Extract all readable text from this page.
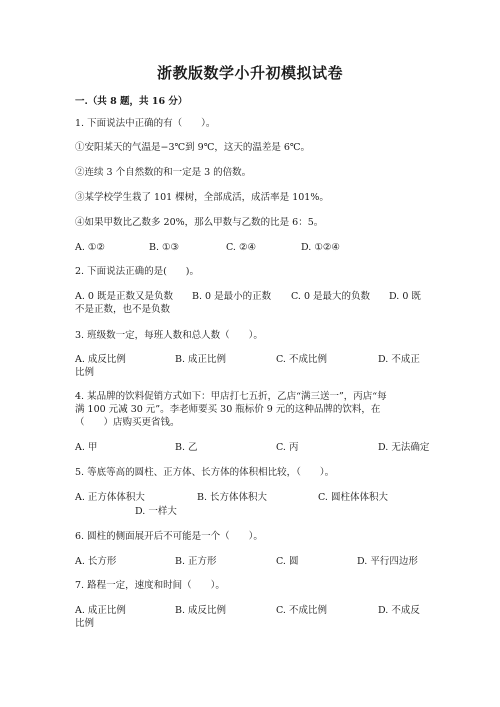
浙教版数学小升初模拟试卷
一.（共 8 题，共 16 分）
1. 下面说法中正确的有（　　）。
①安阳某天的气温是−3℃到 9℃，这天的温差是 6℃。
②连续 3 个自然数的和一定是 3 的倍数。
③某学校学生栽了 101 棵树，全部成活，成活率是 101%。
④如果甲数比乙数多 20%，那么甲数与乙数的比是 6：5。
A. ①②	B. ①③	C. ②④	D. ①②④
2. 下面说法正确的是(　　)。
A. 0 既是正数又是负数 B. 0 是最小的正数 C. 0 是最大的负数 D. 0 既
不是正数，也不是负数
3. 班级数一定，每班人数和总人数（　　）。
A. 成反比例	B. 成正比例	C. 不成比例	D. 不成正
比例
4. 某品牌的饮料促销方式如下：甲店打七五折，乙店“满三送一”，丙店“每
满 100 元减 30 元”。李老师要买 30 瓶标价 9 元的这种品牌的饮料，在
（　　）店购买更省钱。
A. 甲	B. 乙	C. 丙	D. 无法确定
5. 等底等高的圆柱、正方体、长方体的体积相比较，（　　）。
A. 正方体体积大	B. 长方体体积大	C. 圆柱体体积大
D. 一样大
6. 圆柱的侧面展开后不可能是一个（　　）。
A. 长方形	B. 正方形	C. 圆	D. 平行四边形
7. 路程一定，速度和时间（　　）。
A. 成正比例	B. 成反比例	C. 不成比例	D. 不成反
比例
